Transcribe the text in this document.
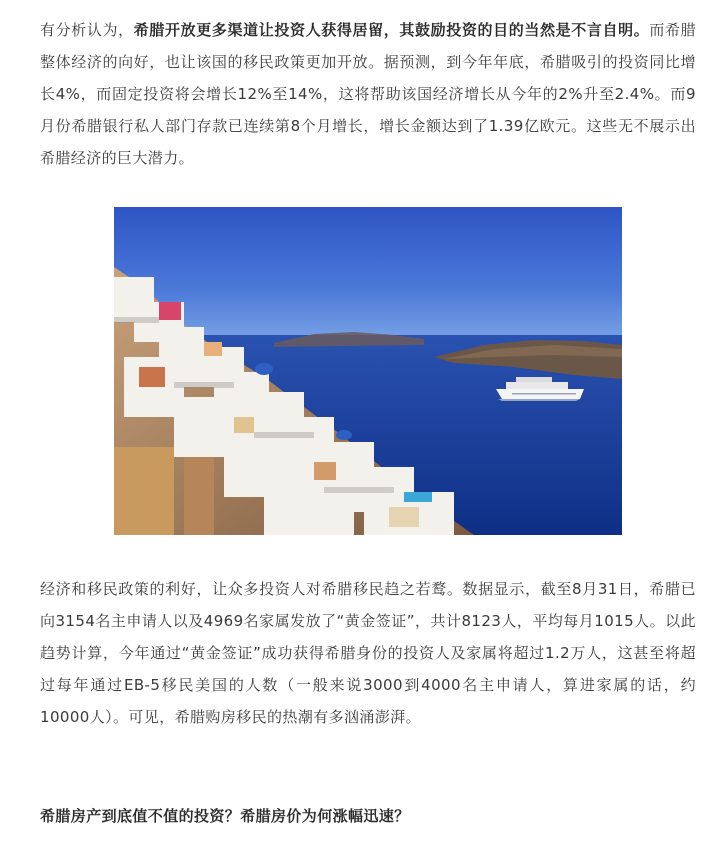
有分析认为，希腊开放更多渠道让投资人获得居留，其鼓励投资的目的当然是不言自明。而希腊整体经济的向好，也让该国的移民政策更加开放。据预测，到今年年底，希腊吸引的投资同比增长4%，而固定投资将会增长12%至14%，这将帮助该国经济增长从今年的2%升至2.4%。而9月份希腊银行私人部门存款已连续第8个月增长，增长金额达到了1.39亿欧元。这些无不展示出希腊经济的巨大潜力。

经济和移民政策的利好，让众多投资人对希腊移民趋之若鹜。数据显示，截至8月31日，希腊已向3154名主申请人以及4969名家属发放了“黄金签证”，共计8123人，平均每月1015人。以此趋势计算，今年通过“黄金签证”成功获得希腊身份的投资人及家属将超过1.2万人，这甚至将超过每年通过EB-5移民美国的人数（一般来说3000到4000名主申请人，算进家属的话，约10000人）。可见，希腊购房移民的热潮有多汹涌澎湃。

希腊房产到底值不值的投资？希腊房价为何涨幅迅速？
